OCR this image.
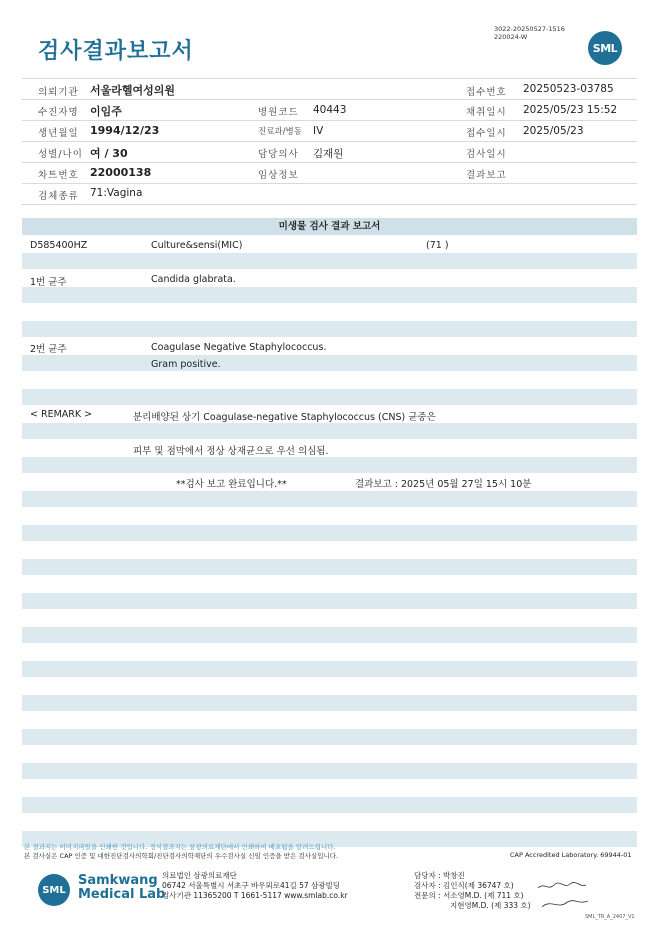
검사결과보고서
3022-20250527-1516
220024-W
SML
의뢰기관 서울라헬여성의원	접수번호 20250523-03785
수진자명 이임주	병원코드 40443	채취일시 2025/05/23 15:52
생년월일 1994/12/23	진료과/병동 IV	접수일시 2025/05/23
성별/나이 여 / 30	담당의사 김재원	검사일시
차트번호 22000138	임상정보	결과보고
검체종류 71:Vagina
미생물 검사 결과 보고서
D585400HZ	Culture&sensi(MIC)	(71 )
1번 균주	Candida glabrata.
2번 균주	Coagulase Negative Staphylococcus.
Gram positive.
< REMARK >	분리배양된 상기 Coagulase-negative Staphylococcus (CNS) 균중은
피부 및 점막에서 정상 상재균으로 우선 의심됨.
**검사 보고 완료입니다.**	결과보고 : 2025년 05월 27일 15시 10분
본 결과지는 이미지파일을 인쇄한 것입니다. 정식결과지는 삼광의료재단에서 인쇄하여 배포됨을 알려드립니다.
본 검사실은 CAP 인증 및 대한진단검사의학회/진단검사의학재단의 우수검사실 신임 인증을 받은 검사실입니다.	CAP Accredited Laboratory. 69944-01
SML
Samkwang
Medical Lab
의료법인 삼광의료재단
06742 서울특별시 서초구 바우뫼로41길 57 삼광빌딩
검사기관 11365200 T 1661-5117 www.smlab.co.kr
담당자 : 박창진
검사자 : 김인식(제 36747 호)
전문의 : 서소영M.D. (제 711 호)
지현영M.D. (제 333 호)
SML_TR_A_2407_V1
